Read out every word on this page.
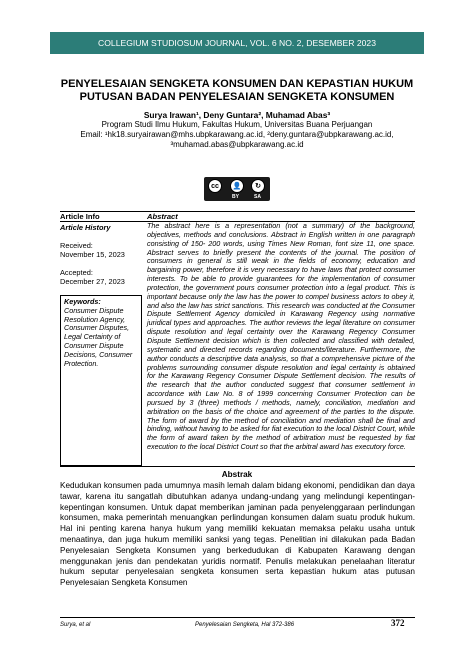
COLLEGIUM STUDIOSUM JOURNAL, VOL. 6 NO. 2, DESEMBER 2023
PENYELESAIAN SENGKETA KONSUMEN DAN KEPASTIAN HUKUM
PUTUSAN BADAN PENYELESAIAN SENGKETA KONSUMEN
Surya Irawan¹, Deny Guntara², Muhamad Abas³
Program Studi Ilmu Hukum, Fakultas Hukum, Universitas Buana Perjuangan
Email: ¹hk18.suryairawan@mhs.ubpkarawang.ac.id, ²deny.guntara@ubpkarawang.ac.id,
³muhamad.abas@ubpkarawang.ac.id
cc	👤	↻
BY	SA
Article Info	Abstract
Article History
Received:
November 15, 2023
Accepted:
December 27, 2023
Keywords:
Consumer Dispute Resolution Agency, Consumer Disputes, Legal Certainty of Consumer Dispute Decisions, Consumer Protection.
The abstract here is a representation (not a summary) of the background, objectives, methods and conclusions. Abstract in English written in one paragraph consisting of 150- 200 words, using Times New Roman, font size 11, one space. Abstract serves to briefly present the contents of the journal. The position of consumers in general is still weak in the fields of economy, education and bargaining power, therefore it is very necessary to have laws that protect consumer interests. To be able to provide guarantees for the implementation of consumer protection, the government pours consumer protection into a legal product. This is important because only the law has the power to compel business actors to obey it, and also the law has strict sanctions. This research was conducted at the Consumer Dispute Settlement Agency domiciled in Karawang Regency using normative juridical types and approaches. The author reviews the legal literature on consumer dispute resolution and legal certainty over the Karawang Regency Consumer Dispute Settlement decision which is then collected and classified with detailed, systematic and directed records regarding documents/literature. Furthermore, the author conducts a descriptive data analysis, so that a comprehensive picture of the problems surrounding consumer dispute resolution and legal certainty is obtained for the Karawang Regency Consumer Dispute Settlement decision. The results of the research that the author conducted suggest that consumer settlement in accordance with Law No. 8 of 1999 concerning Consumer Protection can be pursued by 3 (three) methods / methods, namely, conciliation, mediation and arbitration on the basis of the choice and agreement of the parties to the dispute. The form of award by the method of conciliation and mediation shall be final and binding, without having to be asked for fiat execution to the local District Court, while the form of award taken by the method of arbitration must be requested by fiat execution to the local District Court so that the arbitral award has executory force.
Abstrak
Kedudukan konsumen pada umumnya masih lemah dalam bidang ekonomi, pendidikan dan daya tawar, karena itu sangatlah dibutuhkan adanya undang-undang yang melindungi kepentingan-kepentingan konsumen. Untuk dapat memberikan jaminan pada penyelenggaraan perlindungan konsumen, maka pemerintah menuangkan perlindungan konsumen dalam suatu produk hukum. Hal ini penting karena hanya hukum yang memiliki kekuatan memaksa pelaku usaha untuk menaatinya, dan juga hukum memiliki sanksi yang tegas. Penelitian ini dilakukan pada Badan Penyelesaian Sengketa Konsumen yang berkedudukan di Kabupaten Karawang dengan menggunakan jenis dan pendekatan yuridis normatif. Penulis melakukan penelaahan literatur hukum seputar penyelesaian sengketa konsumen serta kepastian hukum atas putusan Penyelesaian Sengketa Konsumen
Surya, et al	Penyelesaian Sengketa, Hal 372-386	372
